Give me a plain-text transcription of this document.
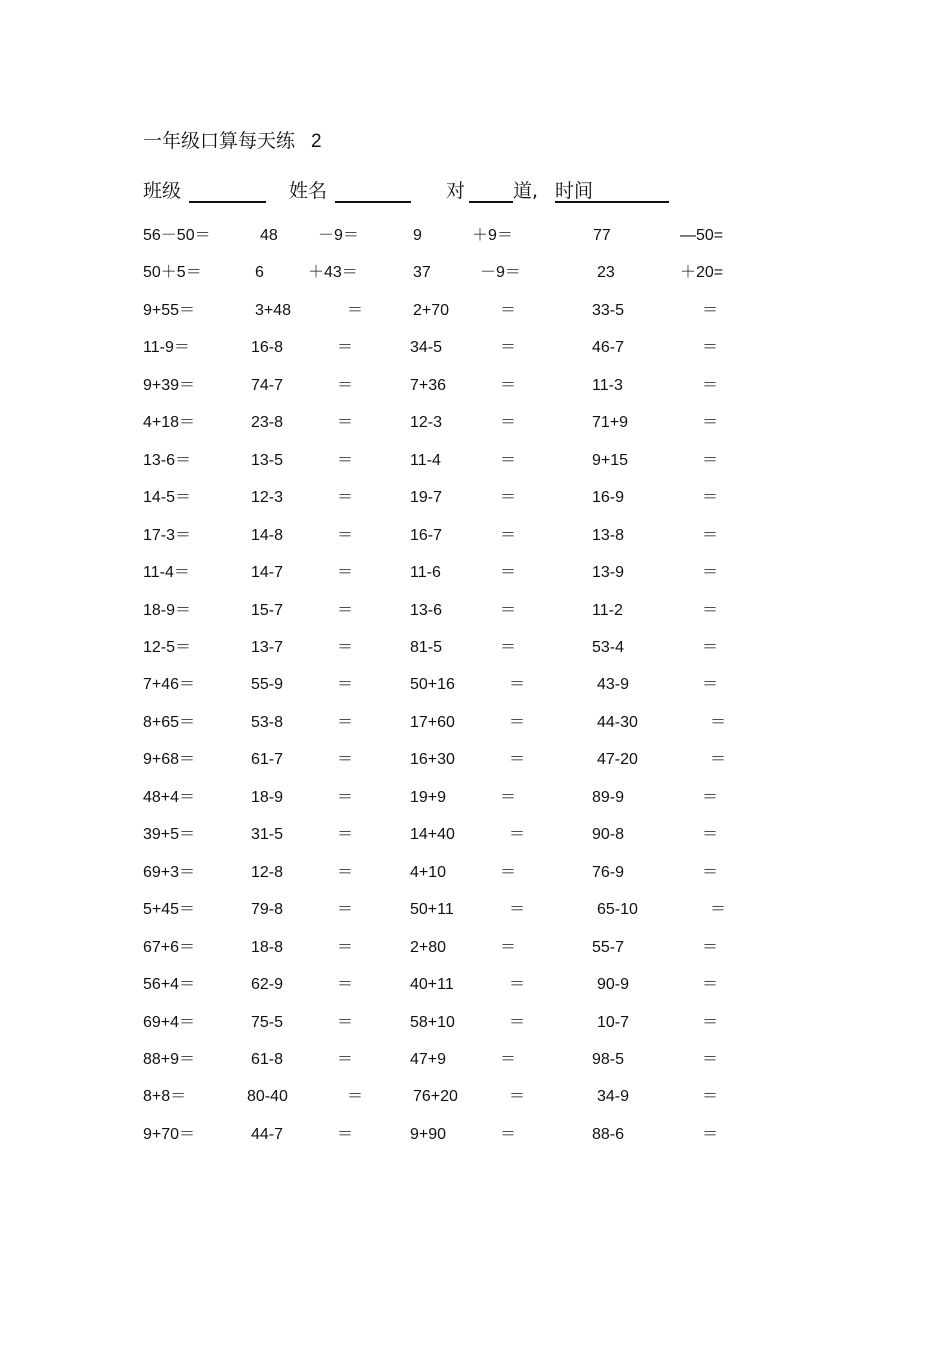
一年级口算每天练 2
班级	姓名	对	道, 时间
56－50＝	48	－9＝	9	＋9＝	77	—50=
50＋5＝	6	＋43＝	37	－9＝	23	＋20=
9+55＝	3+48	＝	2+70	＝	33-5	＝
11-9＝	16-8	＝	34-5	＝	46-7	＝
9+39＝	74-7	＝	7+36	＝	11-3	＝
4+18＝	23-8	＝	12-3	＝	71+9	＝
13-6＝	13-5	＝	11-4	＝	9+15	＝
14-5＝	12-3	＝	19-7	＝	16-9	＝
17-3＝	14-8	＝	16-7	＝	13-8	＝
11-4＝	14-7	＝	11-6	＝	13-9	＝
18-9＝	15-7	＝	13-6	＝	11-2	＝
12-5＝	13-7	＝	81-5	＝	53-4	＝
7+46＝	55-9	＝	50+16	＝	43-9	＝
8+65＝	53-8	＝	17+60	＝	44-30	＝
9+68＝	61-7	＝	16+30	＝	47-20	＝
48+4＝	18-9	＝	19+9	＝	89-9	＝
39+5＝	31-5	＝	14+40	＝	90-8	＝
69+3＝	12-8	＝	4+10	＝	76-9	＝
5+45＝	79-8	＝	50+11	＝	65-10	＝
67+6＝	18-8	＝	2+80	＝	55-7	＝
56+4＝	62-9	＝	40+11	＝	90-9	＝
69+4＝	75-5	＝	58+10	＝	10-7	＝
88+9＝	61-8	＝	47+9	＝	98-5	＝
8+8＝	80-40	＝	76+20	＝	34-9	＝
9+70＝	44-7	＝	9+90	＝	88-6	＝
